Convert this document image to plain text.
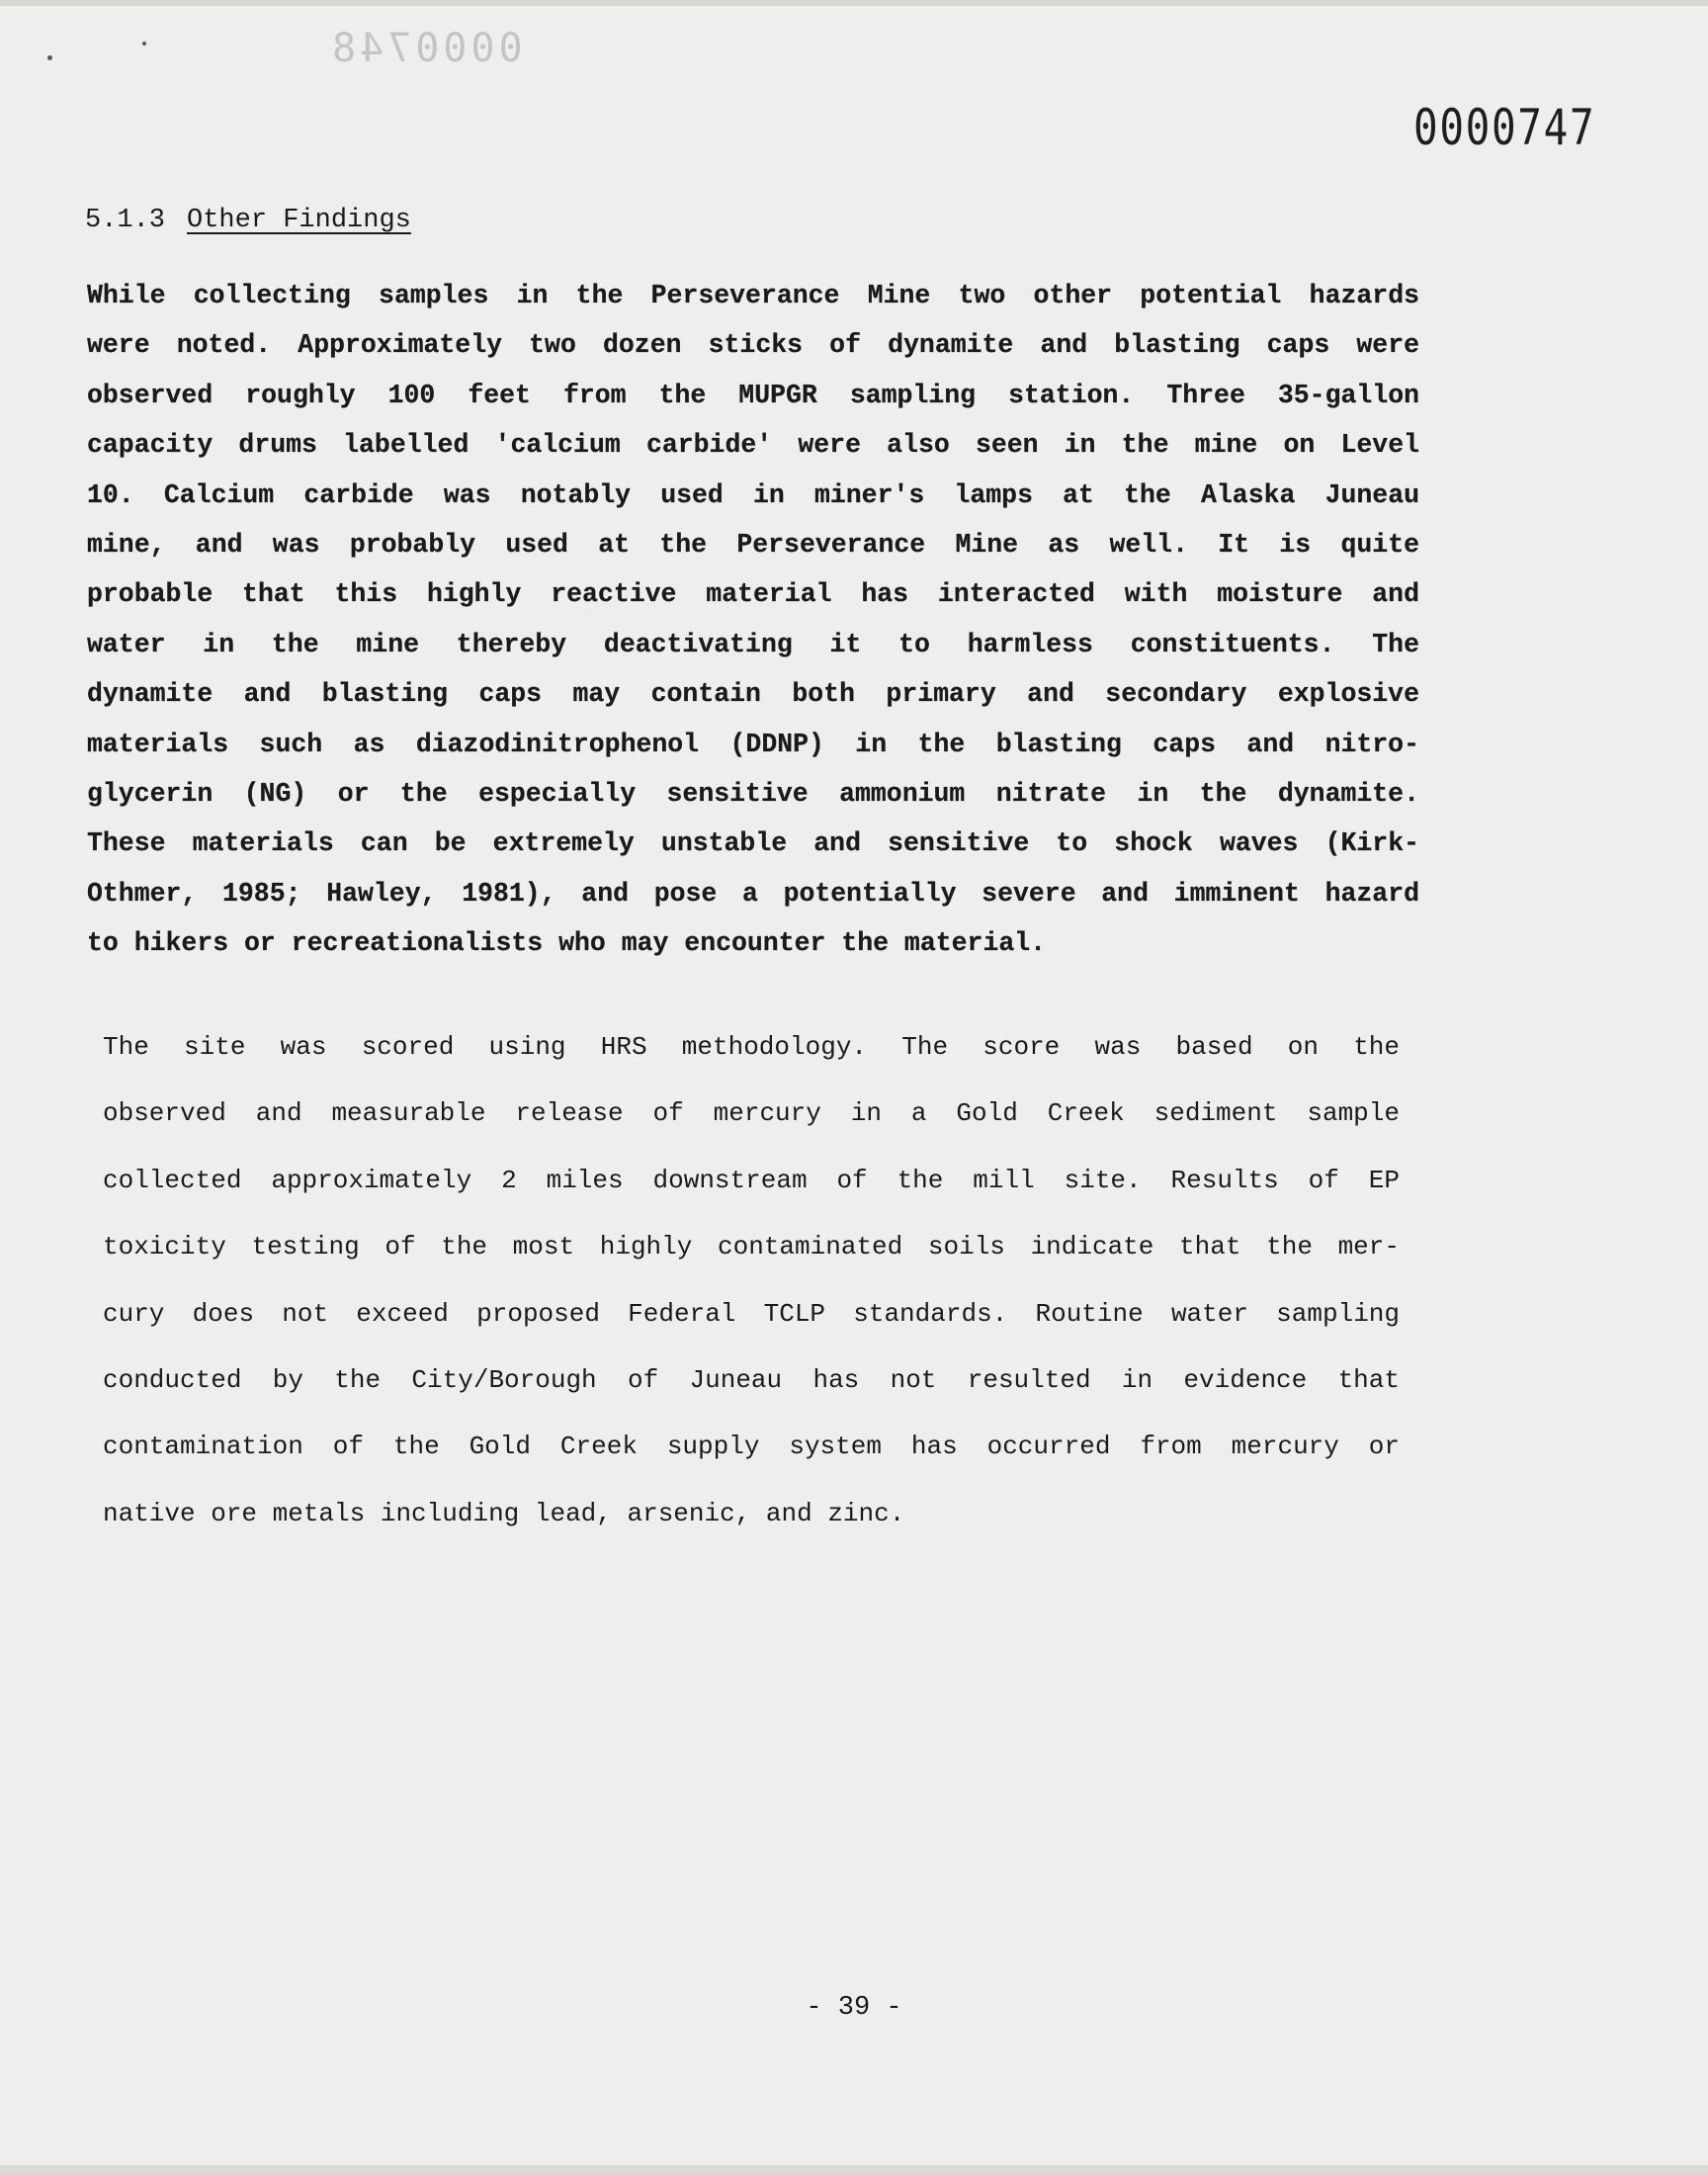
0000748
0000747
5.1.3 Other Findings
While collecting samples in the Perseverance Mine two other potential hazards
were noted. Approximately two dozen sticks of dynamite and blasting caps were
observed roughly 100 feet from the MUPGR sampling station. Three 35-gallon
capacity drums labelled 'calcium carbide' were also seen in the mine on Level
10. Calcium carbide was notably used in miner's lamps at the Alaska Juneau
mine, and was probably used at the Perseverance Mine as well. It is quite
probable that this highly reactive material has interacted with moisture and
water in the mine thereby deactivating it to harmless constituents. The
dynamite and blasting caps may contain both primary and secondary explosive
materials such as diazodinitrophenol (DDNP) in the blasting caps and nitro-
glycerin (NG) or the especially sensitive ammonium nitrate in the dynamite.
These materials can be extremely unstable and sensitive to shock waves (Kirk-
Othmer, 1985; Hawley, 1981), and pose a potentially severe and imminent hazard
to hikers or recreationalists who may encounter the material.
The site was scored using HRS methodology. The score was based on the
observed and measurable release of mercury in a Gold Creek sediment sample
collected approximately 2 miles downstream of the mill site. Results of EP
toxicity testing of the most highly contaminated soils indicate that the mer-
cury does not exceed proposed Federal TCLP standards. Routine water sampling
conducted by the City/Borough of Juneau has not resulted in evidence that
contamination of the Gold Creek supply system has occurred from mercury or
native ore metals including lead, arsenic, and zinc.
- 39 -
